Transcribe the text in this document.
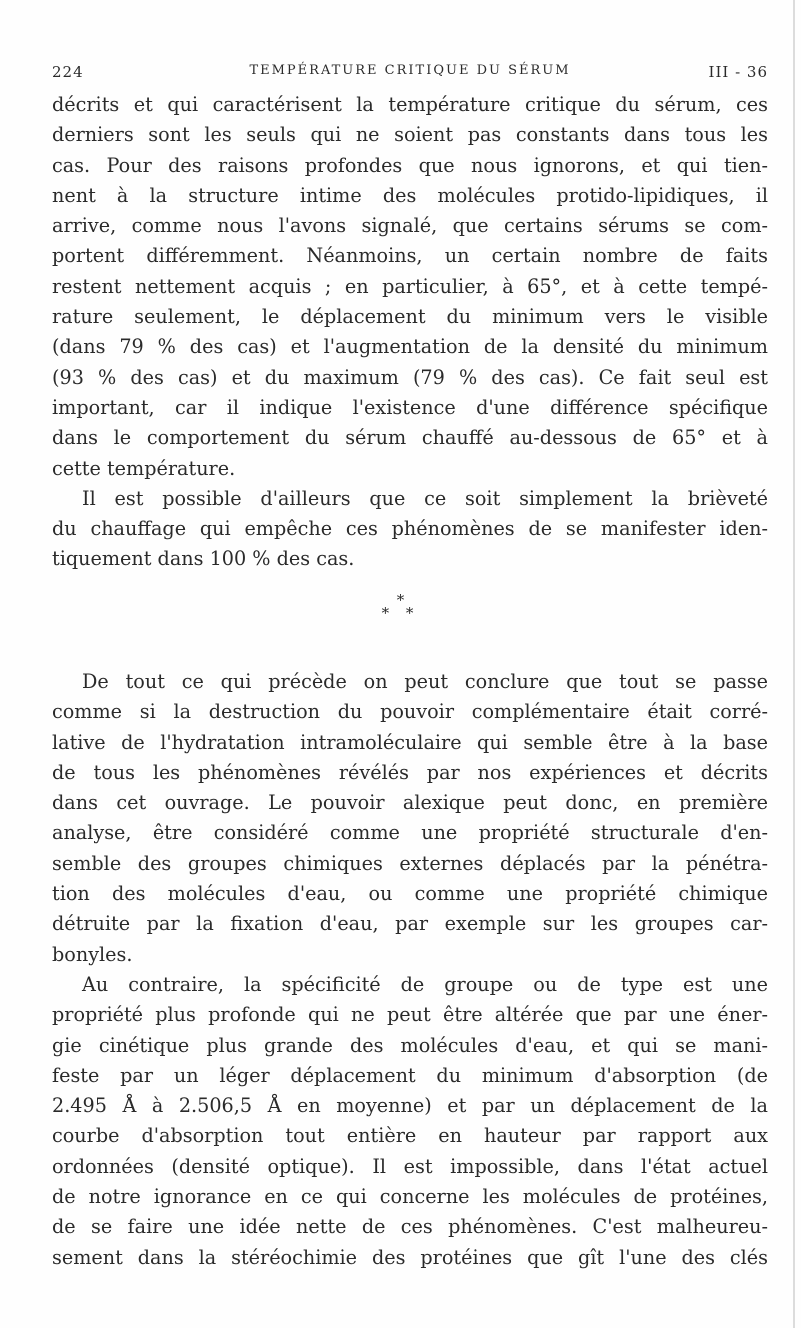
224	TEMPÉRATURE CRITIQUE DU SÉRUM	III - 36

décrits et qui caractérisent la température critique du sérum, ces

derniers sont les seuls qui ne soient pas constants dans tous les

cas. Pour des raisons profondes que nous ignorons, et qui tien-

nent à la structure intime des molécules protido-lipidiques, il

arrive, comme nous l'avons signalé, que certains sérums se com-

portent différemment. Néanmoins, un certain nombre de faits

restent nettement acquis ; en particulier, à 65°, et à cette tempé-

rature seulement, le déplacement du minimum vers le visible

(dans 79 % des cas) et l'augmentation de la densité du minimum

(93 % des cas) et du maximum (79 % des cas). Ce fait seul est

important, car il indique l'existence d'une différence spécifique

dans le comportement du sérum chauffé au-dessous de 65° et à

cette température.

Il est possible d'ailleurs que ce soit simplement la brièveté

du chauffage qui empêche ces phénomènes de se manifester iden-

tiquement dans 100 % des cas.

*
* *

De tout ce qui précède on peut conclure que tout se passe

comme si la destruction du pouvoir complémentaire était corré-

lative de l'hydratation intramoléculaire qui semble être à la base

de tous les phénomènes révélés par nos expériences et décrits

dans cet ouvrage. Le pouvoir alexique peut donc, en première

analyse, être considéré comme une propriété structurale d'en-

semble des groupes chimiques externes déplacés par la pénétra-

tion des molécules d'eau, ou comme une propriété chimique

détruite par la fixation d'eau, par exemple sur les groupes car-

bonyles.

Au contraire, la spécificité de groupe ou de type est une

propriété plus profonde qui ne peut être altérée que par une éner-

gie cinétique plus grande des molécules d'eau, et qui se mani-

feste par un léger déplacement du minimum d'absorption (de

2.495 Å à 2.506,5 Å en moyenne) et par un déplacement de la

courbe d'absorption tout entière en hauteur par rapport aux

ordonnées (densité optique). Il est impossible, dans l'état actuel

de notre ignorance en ce qui concerne les molécules de protéines,

de se faire une idée nette de ces phénomènes. C'est malheureu-

sement dans la stéréochimie des protéines que gît l'une des clés
